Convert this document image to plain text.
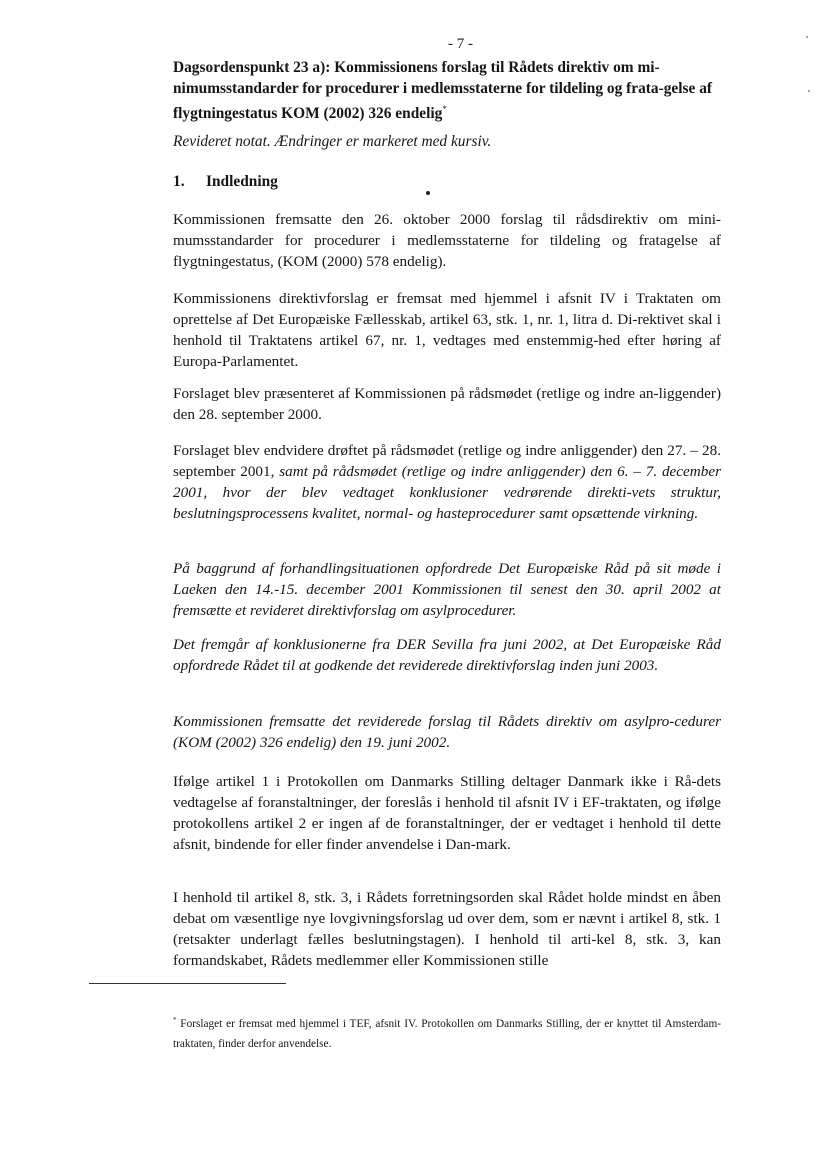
- 7 -
Dagsordenspunkt 23 a): Kommissionens forslag til Rådets direktiv om mi-nimumsstandarder for procedurer i medlemsstaterne for tildeling og frata-gelse af flygtningestatus KOM (2002) 326 endelig*

Revideret notat. Ændringer er markeret med kursiv.

1. Indledning

Kommissionen fremsatte den 26. oktober 2000 forslag til rådsdirektiv om mini-mumsstandarder for procedurer i medlemsstaterne for tildeling og fratagelse af flygtningestatus, (KOM (2000) 578 endelig).

Kommissionens direktivforslag er fremsat med hjemmel i afsnit IV i Traktaten om oprettelse af Det Europæiske Fællesskab, artikel 63, stk. 1, nr. 1, litra d. Di-rektivet skal i henhold til Traktatens artikel 67, nr. 1, vedtages med enstemmig-hed efter høring af Europa-Parlamentet.

Forslaget blev præsenteret af Kommissionen på rådsmødet (retlige og indre an-liggender) den 28. september 2000.

Forslaget blev endvidere drøftet på rådsmødet (retlige og indre anliggender) den 27. – 28. september 2001, samt på rådsmødet (retlige og indre anliggender) den 6. – 7. december 2001, hvor der blev vedtaget konklusioner vedrørende direkti-vets struktur, beslutningsprocessens kvalitet, normal- og hasteprocedurer samt opsættende virkning.

På baggrund af forhandlingsituationen opfordrede Det Europæiske Råd på sit møde i Laeken den 14.-15. december 2001 Kommissionen til senest den 30. april 2002 at fremsætte et revideret direktivforslag om asylprocedurer.

Det fremgår af konklusionerne fra DER Sevilla fra juni 2002, at Det Europæiske Råd opfordrede Rådet til at godkende det reviderede direktivforslag inden juni 2003.

Kommissionen fremsatte det reviderede forslag til Rådets direktiv om asylpro-cedurer (KOM (2002) 326 endelig) den 19. juni 2002.

Ifølge artikel 1 i Protokollen om Danmarks Stilling deltager Danmark ikke i Rå-dets vedtagelse af foranstaltninger, der foreslås i henhold til afsnit IV i EF-traktaten, og ifølge protokollens artikel 2 er ingen af de foranstaltninger, der er vedtaget i henhold til dette afsnit, bindende for eller finder anvendelse i Dan-mark.

I henhold til artikel 8, stk. 3, i Rådets forretningsorden skal Rådet holde mindst en åben debat om væsentlige nye lovgivningsforslag ud over dem, som er nævnt i artikel 8, stk. 1 (retsakter underlagt fælles beslutningstagen). I henhold til arti-kel 8, stk. 3, kan formandskabet, Rådets medlemmer eller Kommissionen stille

* Forslaget er fremsat med hjemmel i TEF, afsnit IV. Protokollen om Danmarks Stilling, der er knyttet til Amsterdam-traktaten, finder derfor anvendelse.
